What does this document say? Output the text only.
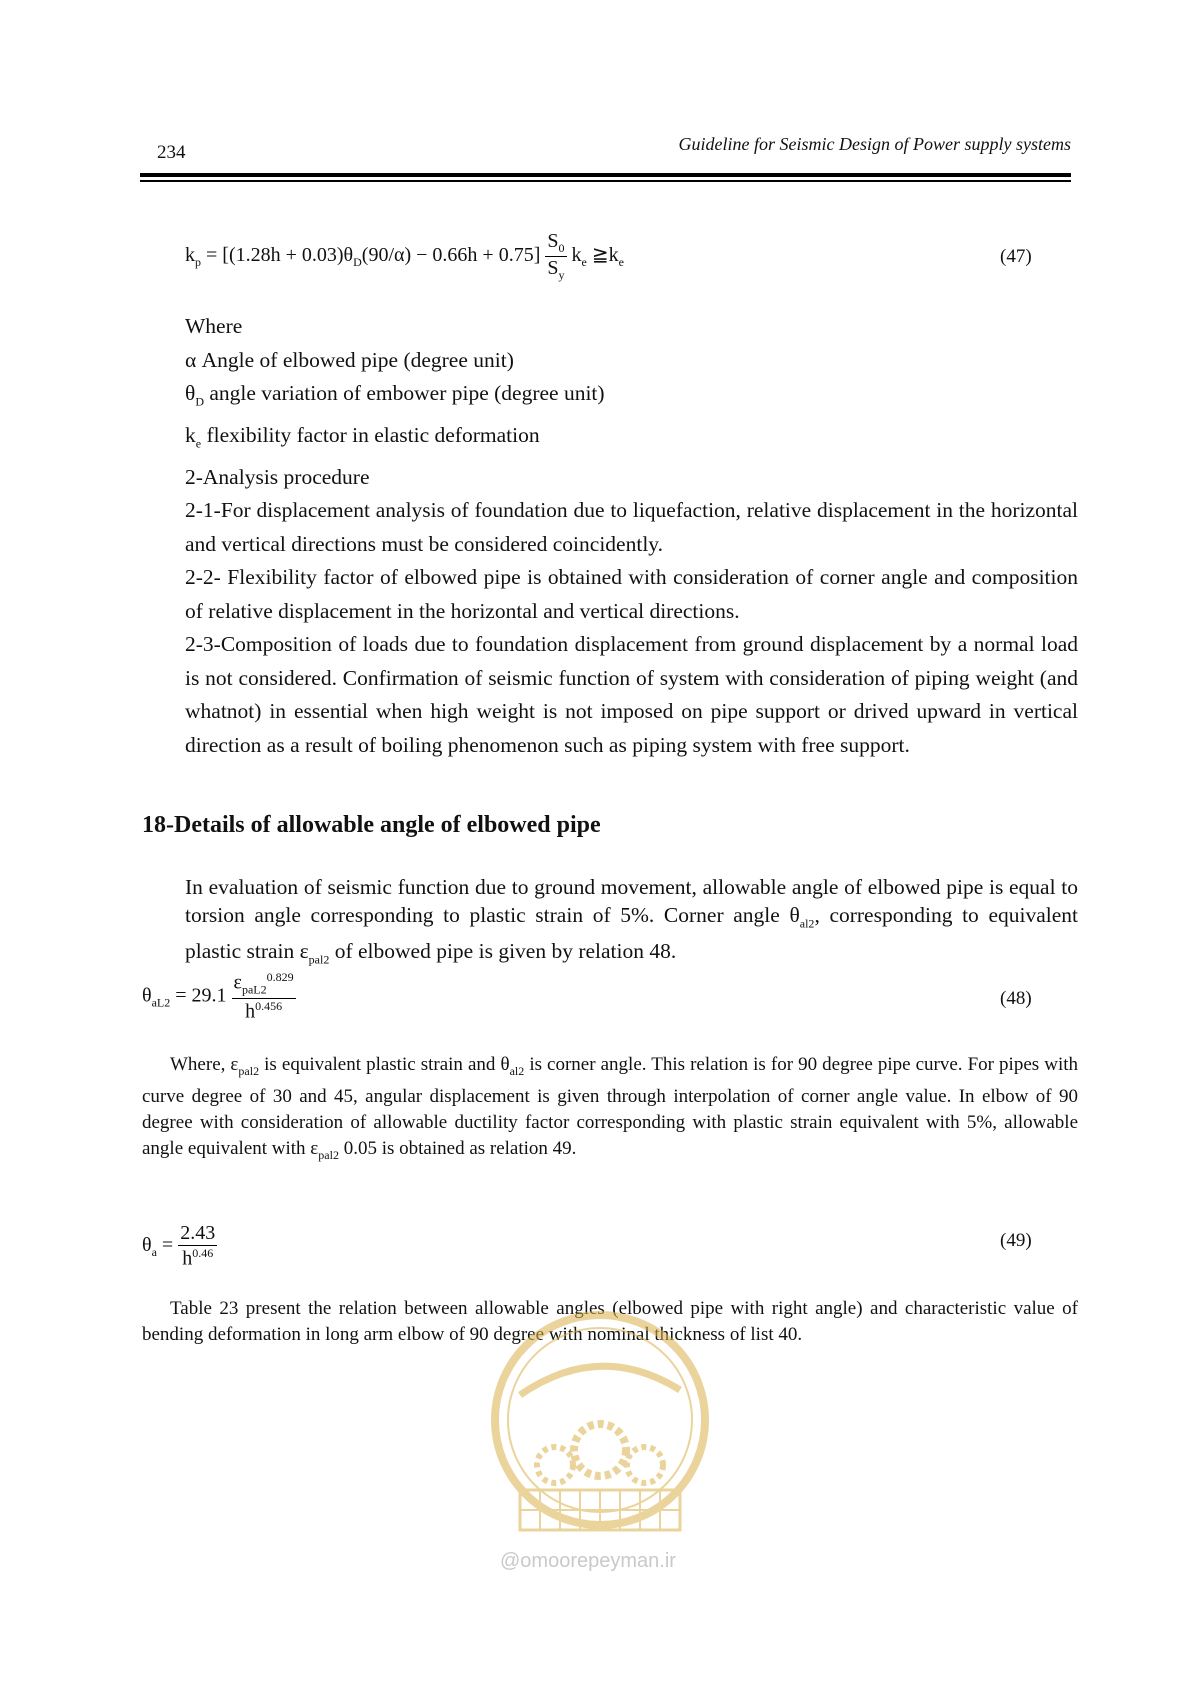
234	Guideline for Seismic Design of Power supply systems
$k_p = [(1.28h + 0.03)\theta_D(90/\alpha) - 0.66h + 0.75] \frac{S_0}{S_y} k_e$ $≧k_e$	(47)

Where

α Angle of elbowed pipe (degree unit)

$\theta_D$ angle variation of embower pipe (degree unit)

$k_e$ flexibility factor in elastic deformation

2-Analysis procedure

2-1-For displacement analysis of foundation due to liquefaction, relative displacement in the horizontal and vertical directions must be considered coincidently.

2-2- Flexibility factor of elbowed pipe is obtained with consideration of corner angle and composition of relative displacement in the horizontal and vertical directions.

2-3-Composition of loads due to foundation displacement from ground displacement by a normal load is not considered. Confirmation of seismic function of system with consideration of piping weight (and whatnot) in essential when high weight is not imposed on pipe support or drived upward in vertical direction as a result of boiling phenomenon such as piping system with free support.

18-Details of allowable angle of elbowed pipe
In evaluation of seismic function due to ground movement, allowable angle of elbowed pipe is equal to torsion angle corresponding to plastic strain of 5%. Corner angle $\theta_{al2}$, corresponding to equivalent plastic strain $\varepsilon_{pal2}$ of elbowed pipe is given by relation 48.
$\theta_{aL2} = 29.1 \frac{\varepsilon_{paL2}^{0.829}}{h^{0.456}}$	(48)

Where, $\varepsilon_{pal2}$ is equivalent plastic strain and $\theta_{al2}$ is corner angle. This relation is for 90 degree pipe curve. For pipes with curve degree of 30 and 45, angular displacement is given through interpolation of corner angle value. In elbow of 90 degree with consideration of allowable ductility factor corresponding with plastic strain equivalent with 5%, allowable angle equivalent with $\varepsilon_{pal2}$ 0.05 is obtained as relation 49.

$\theta_a = \frac{2.43}{h^{0.46}}$	(49)

Table 23 present the relation between allowable angles (elbowed pipe with right angle) and characteristic value of bending deformation in long arm elbow of 90 degree with nominal thickness of list 40.

@omoorepeyman.ir
